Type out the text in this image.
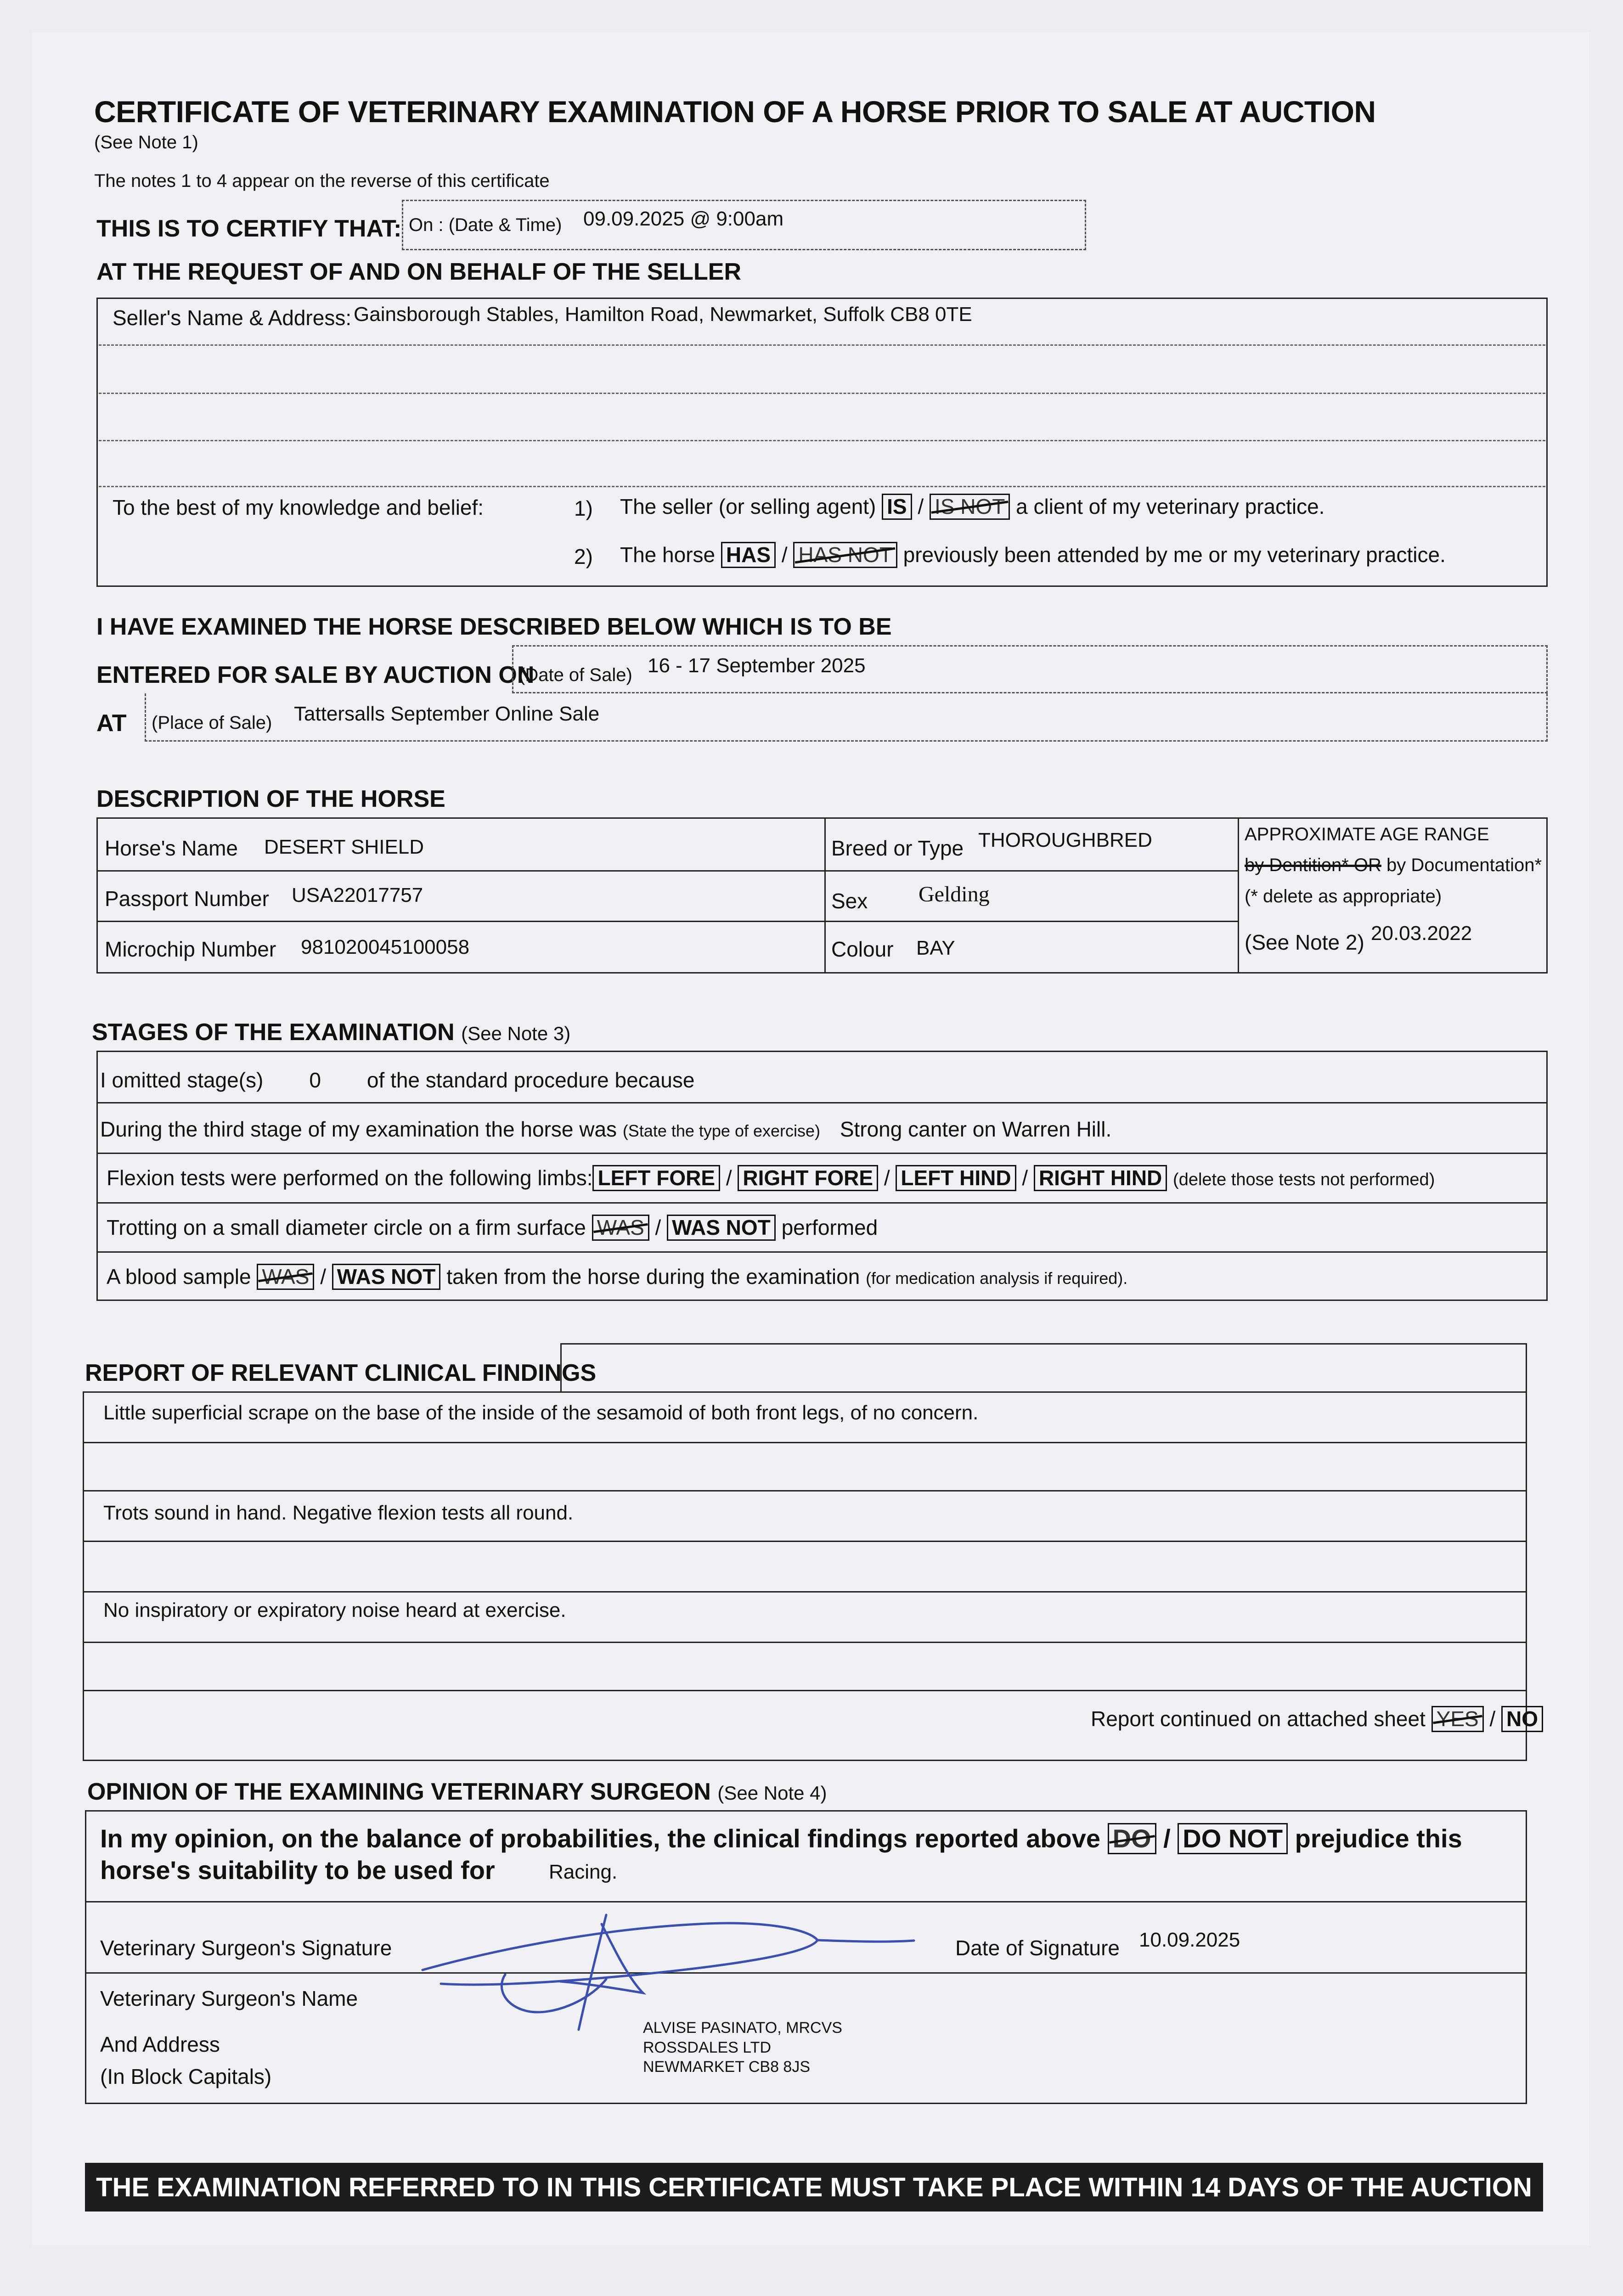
CERTIFICATE OF VETERINARY EXAMINATION OF A HORSE PRIOR TO SALE AT AUCTION
(See Note 1)
The notes 1 to 4 appear on the reverse of this certificate
THIS IS TO CERTIFY THAT: On : (Date & Time) 09.09.2025 @ 9:00am
AT THE REQUEST OF AND ON BEHALF OF THE SELLER
Seller's Name & Address: Gainsborough Stables, Hamilton Road, Newmarket, Suffolk CB8 0TE
To the best of my knowledge and belief:	1) The seller (or selling agent) IS / IS NOT a client of my veterinary practice.
2) The horse HAS / HAS NOT previously been attended by me or my veterinary practice.
I HAVE EXAMINED THE HORSE DESCRIBED BELOW WHICH IS TO BE
ENTERED FOR SALE BY AUCTION ON
(Date of Sale) 16 - 17 September 2025
AT (Place of Sale) Tattersalls September Online Sale
DESCRIPTION OF THE HORSE
Horse's Name DESERT SHIELD
Passport Number USA22017757
Microchip Number 981020045100058
Breed or Type THOROUGHBRED
Sex Gelding
Colour BAY
APPROXIMATE AGE RANGE
by Dentition* OR by Documentation*
(* delete as appropriate)
(See Note 2) 20.03.2022
STAGES OF THE EXAMINATION (See Note 3)
I omitted stage(s) 0 of the standard procedure because
During the third stage of my examination the horse was (State the type of exercise) Strong canter on Warren Hill.
Flexion tests were performed on the following limbs: LEFT FORE / RIGHT FORE / LEFT HIND / RIGHT HIND (delete those tests not performed)
Trotting on a small diameter circle on a firm surface WAS / WAS NOT performed
A blood sample WAS / WAS NOT taken from the horse during the examination (for medication analysis if required).
REPORT OF RELEVANT CLINICAL FINDINGS
Little superficial scrape on the base of the inside of the sesamoid of both front legs, of no concern.
Trots sound in hand. Negative flexion tests all round.
No inspiratory or expiratory noise heard at exercise.
Report continued on attached sheet YES / NO
OPINION OF THE EXAMINING VETERINARY SURGEON (See Note 4)
In my opinion, on the balance of probabilities, the clinical findings reported above DO / DO NOT prejudice this
horse's suitability to be used for	Racing.
Veterinary Surgeon's Signature	Date of Signature 10.09.2025
Veterinary Surgeon's Name
And Address
(In Block Capitals)
ALVISE PASINATO, MRCVS
ROSSDALES LTD
NEWMARKET CB8 8JS
THE EXAMINATION REFERRED TO IN THIS CERTIFICATE MUST TAKE PLACE WITHIN 14 DAYS OF THE AUCTION
